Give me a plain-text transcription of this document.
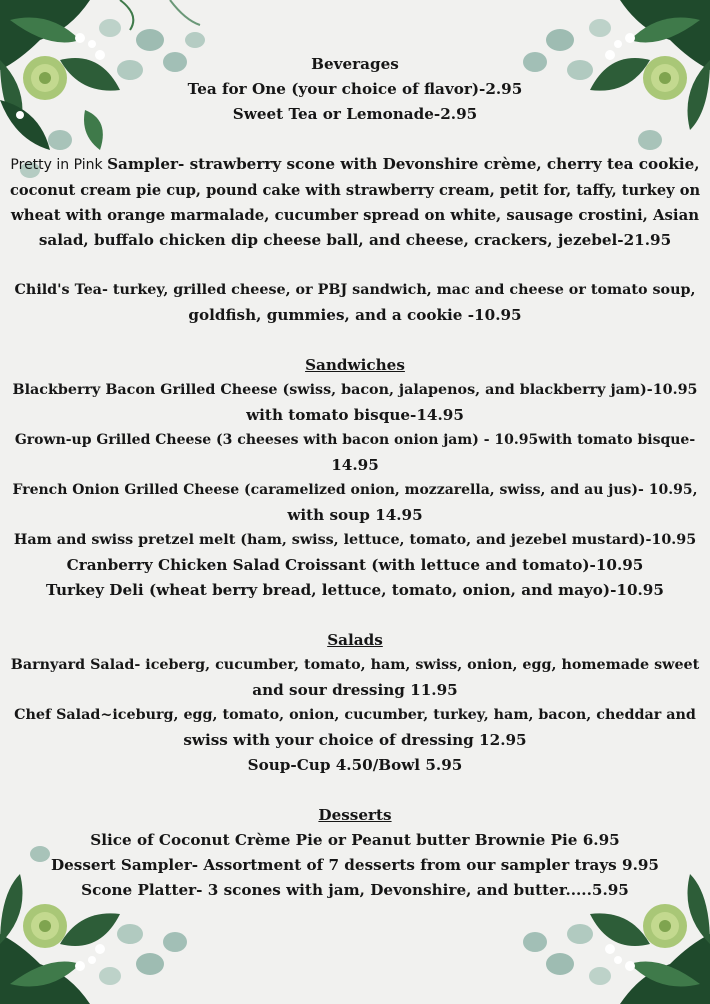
Beverages
Tea for One (your choice of flavor)-2.95
Sweet Tea or Lemonade-2.95
Pretty in Pink Sampler- strawberry scone with Devonshire crème, cherry tea cookie,
coconut cream pie cup, pound cake with strawberry cream, petit for, taffy, turkey on
wheat with orange marmalade, cucumber spread on white, sausage crostini, Asian
salad, buffalo chicken dip cheese ball, and cheese, crackers, jezebel-21.95
Child's Tea- turkey, grilled cheese, or PBJ sandwich, mac and cheese or tomato soup,
goldfish, gummies, and a cookie -10.95
Sandwiches
Blackberry Bacon Grilled Cheese (swiss, bacon, jalapenos, and blackberry jam)-10.95
with tomato bisque-14.95
Grown-up Grilled Cheese (3 cheeses with bacon onion jam) - 10.95with tomato bisque-
14.95
French Onion Grilled Cheese (caramelized onion, mozzarella, swiss, and au jus)- 10.95,
with soup 14.95
Ham and swiss pretzel melt (ham, swiss, lettuce, tomato, and jezebel mustard)-10.95
Cranberry Chicken Salad Croissant (with lettuce and tomato)-10.95
Turkey Deli (wheat berry bread, lettuce, tomato, onion, and mayo)-10.95
Salads
Barnyard Salad- iceberg, cucumber, tomato, ham, swiss, onion, egg, homemade sweet
and sour dressing 11.95
Chef Salad~iceburg, egg, tomato, onion, cucumber, turkey, ham, bacon, cheddar and
swiss with your choice of dressing 12.95
Soup-Cup 4.50/Bowl 5.95
Desserts
Slice of Coconut Crème Pie or Peanut butter Brownie Pie 6.95
Dessert Sampler- Assortment of 7 desserts from our sampler trays 9.95
Scone Platter- 3 scones with jam, Devonshire, and butter.....5.95
